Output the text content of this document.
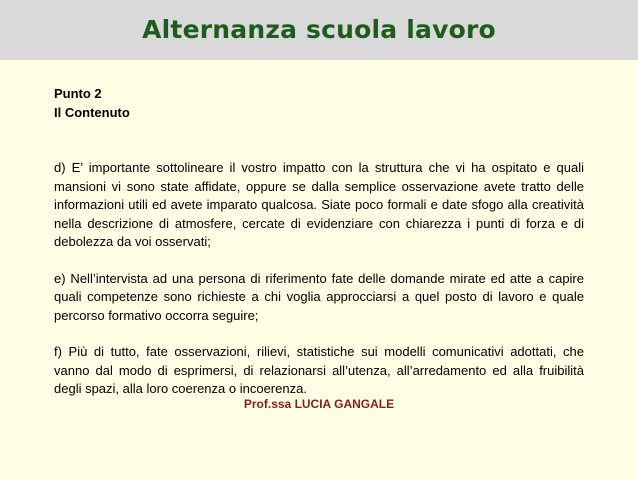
Alternanza scuola lavoro
Punto 2
Il Contenuto

d) E’ importante sottolineare il vostro impatto con la struttura che vi ha ospitato e quali mansioni vi sono state affidate, oppure se dalla semplice osservazione avete tratto delle informazioni utili ed avete imparato qualcosa. Siate poco formali e date sfogo alla creatività nella descrizione di atmosfere, cercate di evidenziare con chiarezza i punti di forza e di debolezza da voi osservati;

e) Nell’intervista ad una persona di riferimento fate delle domande mirate ed atte a capire quali competenze sono richieste a chi voglia approcciarsi a quel posto di lavoro e quale percorso formativo occorra seguire;

f) Più di tutto, fate osservazioni, rilievi, statistiche sui modelli comunicativi adottati, che vanno dal modo di esprimersi, di relazionarsi all’utenza, all’arredamento ed alla fruibilità degli spazi, alla loro coerenza o incoerenza.

Prof.ssa LUCIA GANGALE
